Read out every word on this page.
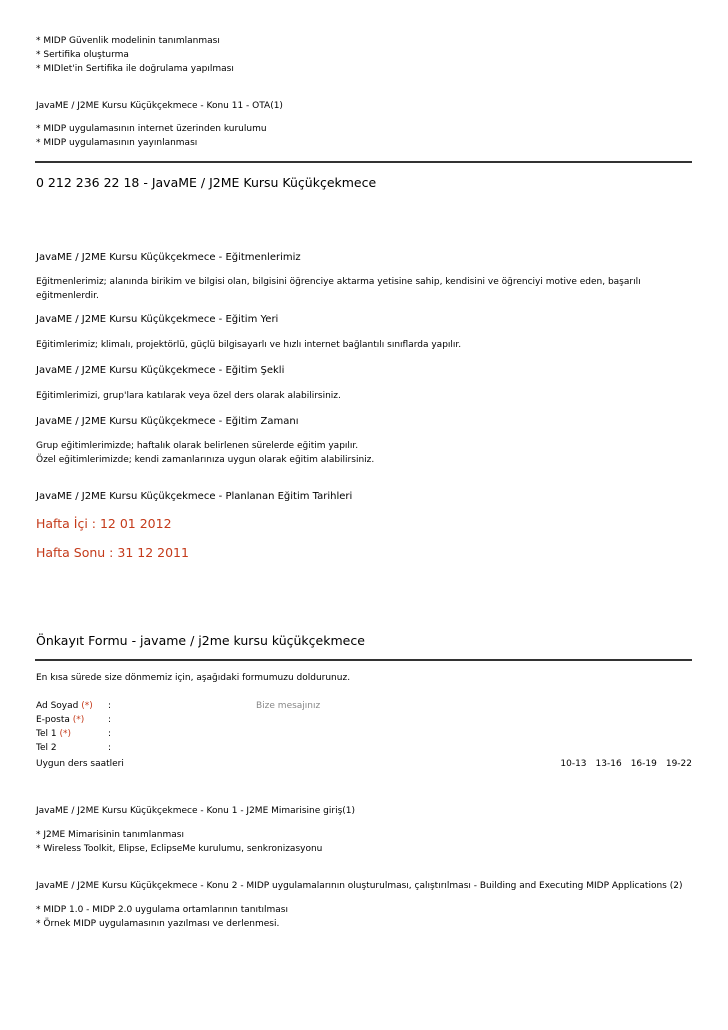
* MIDP Güvenlik modelinin tanımlanması
* Sertifika oluşturma
* MIDlet'in Sertifika ile doğrulama yapılması
JavaME / J2ME Kursu Küçükçekmece - Konu 11 - OTA(1)
* MIDP uygulamasının internet üzerinden kurulumu
* MIDP uygulamasının yayınlanması
0 212 236 22 18 - JavaME / J2ME Kursu Küçükçekmece
JavaME / J2ME Kursu Küçükçekmece - Eğitmenlerimiz
Eğitmenlerimiz; alanında birikim ve bilgisi olan, bilgisini öğrenciye aktarma yetisine sahip, kendisini ve öğrenciyi motive eden, başarılı eğitmenlerdir.
JavaME / J2ME Kursu Küçükçekmece - Eğitim Yeri
Eğitimlerimiz; klimalı, projektörlü, güçlü bilgisayarlı ve hızlı internet bağlantılı sınıflarda yapılır.
JavaME / J2ME Kursu Küçükçekmece - Eğitim Şekli
Eğitimlerimizi, grup'lara katılarak veya özel ders olarak alabilirsiniz.
JavaME / J2ME Kursu Küçükçekmece - Eğitim Zamanı
Grup eğitimlerimizde; haftalık olarak belirlenen sürelerde eğitim yapılır.
Özel eğitimlerimizde; kendi zamanlarınıza uygun olarak eğitim alabilirsiniz.
JavaME / J2ME Kursu Küçükçekmece - Planlanan Eğitim Tarihleri
Hafta İçi : 12 01 2012
Hafta Sonu : 31 12 2011
Önkayıt Formu - javame / j2me kursu küçükçekmece
En kısa sürede size dönmemiz için, aşağıdaki formumuzu doldurunuz.
Ad Soyad (*)	:	Bize mesajınız
E-posta (*)	:
Tel 1 (*)	:
Tel 2	:
Uygun ders saatleri	10-13 13-16 16-19 19-22
JavaME / J2ME Kursu Küçükçekmece - Konu 1 - J2ME Mimarisine giriş(1)
* J2ME Mimarisinin tanımlanması
* Wireless Toolkit, Elipse, EclipseMe kurulumu, senkronizasyonu
JavaME / J2ME Kursu Küçükçekmece - Konu 2 - MIDP uygulamalarının oluşturulması, çalıştırılması - Building and Executing MIDP Applications (2)
* MIDP 1.0 - MIDP 2.0 uygulama ortamlarının tanıtılması
* Örnek MIDP uygulamasının yazılması ve derlenmesi.
